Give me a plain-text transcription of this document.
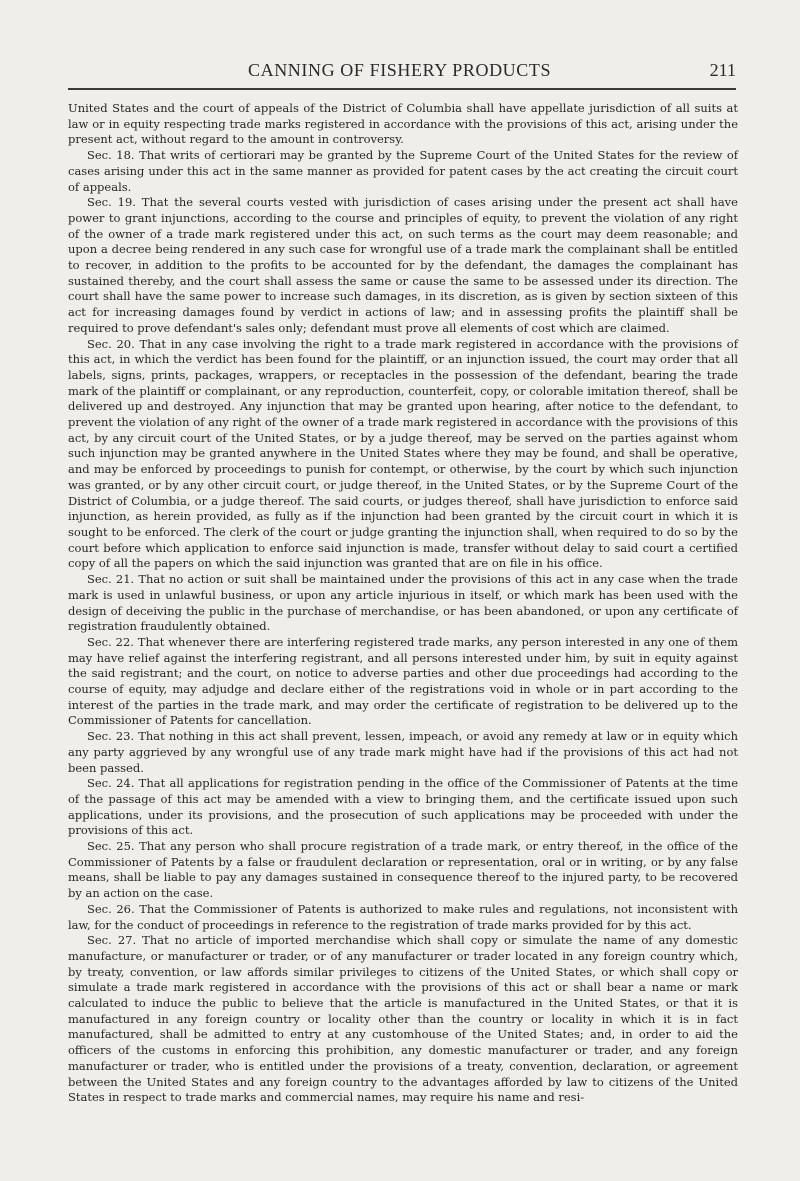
CANNING OF FISHERY PRODUCTS	211

United States and the court of appeals of the District of Columbia shall have appellate jurisdiction of all suits at law or in equity respecting trade marks registered in accordance with the provisions of this act, arising under the present act, without regard to the amount in controversy.

Sec. 18. That writs of certiorari may be granted by the Supreme Court of the United States for the review of cases arising under this act in the same manner as provided for patent cases by the act creating the circuit court of appeals.

Sec. 19. That the several courts vested with jurisdiction of cases arising under the present act shall have power to grant injunctions, according to the course and principles of equity, to prevent the violation of any right of the owner of a trade mark registered under this act, on such terms as the court may deem reasonable; and upon a decree being rendered in any such case for wrongful use of a trade mark the complainant shall be entitled to recover, in addition to the profits to be accounted for by the defendant, the damages the complainant has sustained thereby, and the court shall assess the same or cause the same to be assessed under its direction. The court shall have the same power to increase such damages, in its discretion, as is given by section sixteen of this act for increasing damages found by verdict in actions of law; and in assessing profits the plaintiff shall be required to prove defendant's sales only; defendant must prove all elements of cost which are claimed.

Sec. 20. That in any case involving the right to a trade mark registered in accordance with the provisions of this act, in which the verdict has been found for the plaintiff, or an injunction issued, the court may order that all labels, signs, prints, packages, wrappers, or receptacles in the possession of the defendant, bearing the trade mark of the plaintiff or complainant, or any reproduction, counterfeit, copy, or colorable imitation thereof, shall be delivered up and destroyed. Any injunction that may be granted upon hearing, after notice to the defendant, to prevent the violation of any right of the owner of a trade mark registered in accordance with the provisions of this act, by any circuit court of the United States, or by a judge thereof, may be served on the parties against whom such injunction may be granted anywhere in the United States where they may be found, and shall be operative, and may be enforced by proceedings to punish for contempt, or otherwise, by the court by which such injunction was granted, or by any other circuit court, or judge thereof, in the United States, or by the Supreme Court of the District of Columbia, or a judge thereof. The said courts, or judges thereof, shall have jurisdiction to enforce said injunction, as herein provided, as fully as if the injunction had been granted by the circuit court in which it is sought to be enforced. The clerk of the court or judge granting the injunction shall, when required to do so by the court before which application to enforce said injunction is made, transfer without delay to said court a certified copy of all the papers on which the said injunction was granted that are on file in his office.

Sec. 21. That no action or suit shall be maintained under the provisions of this act in any case when the trade mark is used in unlawful business, or upon any article injurious in itself, or which mark has been used with the design of deceiving the public in the purchase of merchandise, or has been abandoned, or upon any certificate of registration fraudulently obtained.

Sec. 22. That whenever there are interfering registered trade marks, any person interested in any one of them may have relief against the interfering registrant, and all persons interested under him, by suit in equity against the said registrant; and the court, on notice to adverse parties and other due proceedings had according to the course of equity, may adjudge and declare either of the registrations void in whole or in part according to the interest of the parties in the trade mark, and may order the certificate of registration to be delivered up to the Commissioner of Patents for cancellation.

Sec. 23. That nothing in this act shall prevent, lessen, impeach, or avoid any remedy at law or in equity which any party aggrieved by any wrongful use of any trade mark might have had if the provisions of this act had not been passed.

Sec. 24. That all applications for registration pending in the office of the Commissioner of Patents at the time of the passage of this act may be amended with a view to bringing them, and the certificate issued upon such applications, under its provisions, and the prosecution of such applications may be proceeded with under the provisions of this act.

Sec. 25. That any person who shall procure registration of a trade mark, or entry thereof, in the office of the Commissioner of Patents by a false or fraudulent declaration or representation, oral or in writing, or by any false means, shall be liable to pay any damages sustained in consequence thereof to the injured party, to be recovered by an action on the case.

Sec. 26. That the Commissioner of Patents is authorized to make rules and regulations, not inconsistent with law, for the conduct of proceedings in reference to the registration of trade marks provided for by this act.

Sec. 27. That no article of imported merchandise which shall copy or simulate the name of any domestic manufacture, or manufacturer or trader, or of any manufacturer or trader located in any foreign country which, by treaty, convention, or law affords similar privileges to citizens of the United States, or which shall copy or simulate a trade mark registered in accordance with the provisions of this act or shall bear a name or mark calculated to induce the public to believe that the article is manufactured in the United States, or that it is manufactured in any foreign country or locality other than the country or locality in which it is in fact manufactured, shall be admitted to entry at any customhouse of the United States; and, in order to aid the officers of the customs in enforcing this prohibition, any domestic manufacturer or trader, and any foreign manufacturer or trader, who is entitled under the provisions of a treaty, convention, declaration, or agreement between the United States and any foreign country to the advantages afforded by law to citizens of the United States in respect to trade marks and commercial names, may require his name and resi-
